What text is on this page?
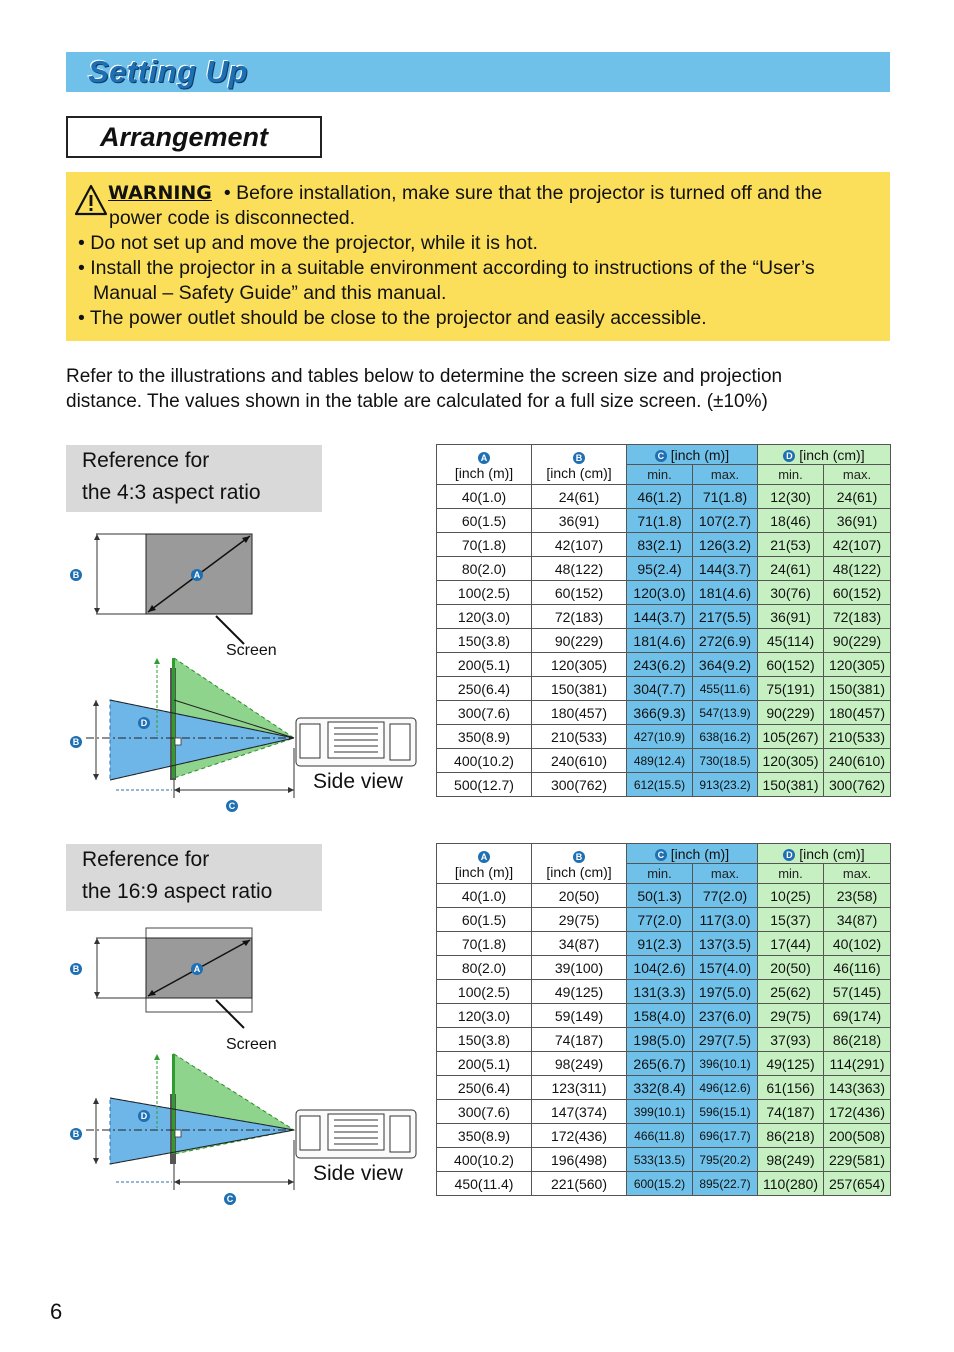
Setting Up
Arrangement
WARNING • Before installation, make sure that the projector is turned off and the
power code is disconnected.
• Do not set up and move the projector, while it is hot.
• Install the projector in a suitable environment according to instructions of the “User’s
Manual – Safety Guide” and this manual.
• The power outlet should be close to the projector and easily accessible.
Refer to the illustrations and tables below to determine the screen size and projection
distance. The values shown in the table are calculated for a full size screen. (±10%)
Reference for
the 4:3 aspect ratio
B	A
Screen
D
B
C
Side view
A
[inch (m)]	B
[inch (cm)]	C [inch (m)]		D [inch (cm)]	
		min.	max.	min.	max.
40(1.0)	24(61)	46(1.2)	71(1.8)	12(30)	24(61)
60(1.5)	36(91)	71(1.8)	107(2.7)	18(46)	36(91)
70(1.8)	42(107)	83(2.1)	126(3.2)	21(53)	42(107)
80(2.0)	48(122)	95(2.4)	144(3.7)	24(61)	48(122)
100(2.5)	60(152)	120(3.0)	181(4.6)	30(76)	60(152)
120(3.0)	72(183)	144(3.7)	217(5.5)	36(91)	72(183)
150(3.8)	90(229)	181(4.6)	272(6.9)	45(114)	90(229)
200(5.1)	120(305)	243(6.2)	364(9.2)	60(152)	120(305)
250(6.4)	150(381)	304(7.7)	455(11.6)	75(191)	150(381)
300(7.6)	180(457)	366(9.3)	547(13.9)	90(229)	180(457)
350(8.9)	210(533)	427(10.9)	638(16.2)	105(267)	210(533)
400(10.2)	240(610)	489(12.4)	730(18.5)	120(305)	240(610)
500(12.7)	300(762)	612(15.5)	913(23.2)	150(381)	300(762)
Reference for
the 16:9 aspect ratio
B	A
Screen
D
B
C
Side view
A
[inch (m)]	B
[inch (cm)]	C [inch (m)]		D [inch (cm)]	
		min.	max.	min.	max.
40(1.0)	20(50)	50(1.3)	77(2.0)	10(25)	23(58)
60(1.5)	29(75)	77(2.0)	117(3.0)	15(37)	34(87)
70(1.8)	34(87)	91(2.3)	137(3.5)	17(44)	40(102)
80(2.0)	39(100)	104(2.6)	157(4.0)	20(50)	46(116)
100(2.5)	49(125)	131(3.3)	197(5.0)	25(62)	57(145)
120(3.0)	59(149)	158(4.0)	237(6.0)	29(75)	69(174)
150(3.8)	74(187)	198(5.0)	297(7.5)	37(93)	86(218)
200(5.1)	98(249)	265(6.7)	396(10.1)	49(125)	114(291)
250(6.4)	123(311)	332(8.4)	496(12.6)	61(156)	143(363)
300(7.6)	147(374)	399(10.1)	596(15.1)	74(187)	172(436)
350(8.9)	172(436)	466(11.8)	696(17.7)	86(218)	200(508)
400(10.2)	196(498)	533(13.5)	795(20.2)	98(249)	229(581)
450(11.4)	221(560)	600(15.2)	895(22.7)	110(280)	257(654)
6
